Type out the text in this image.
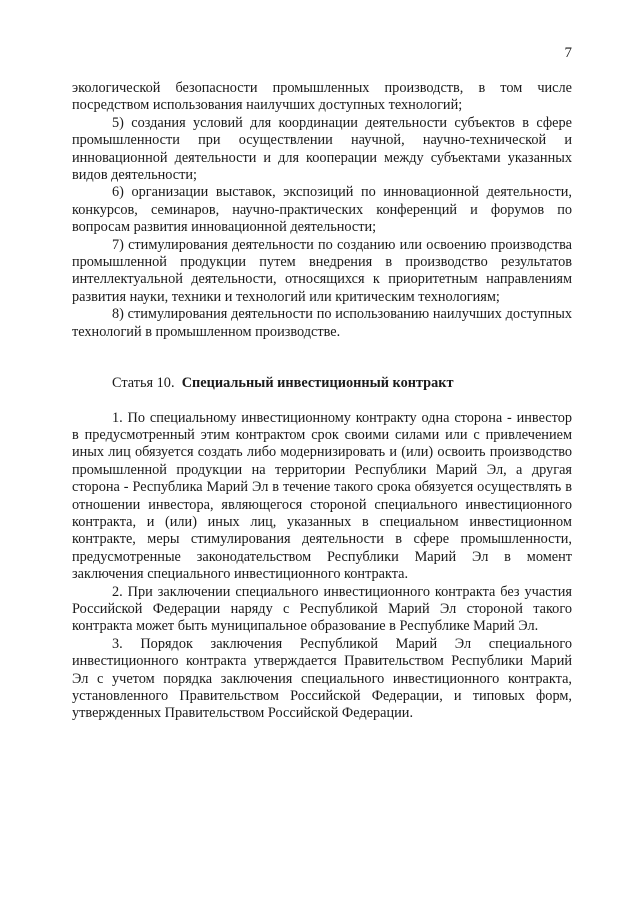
7

экологической безопасности промышленных производств, в том числе посредством использования наилучших доступных технологий;

5) создания условий для координации деятельности субъектов в сфере промышленности при осуществлении научной, научно-технической и инновационной деятельности и для кооперации между субъектами указанных видов деятельности;

6) организации выставок, экспозиций по инновационной деятельности, конкурсов, семинаров, научно-практических конференций и форумов по вопросам развития инновационной деятельности;

7) стимулирования деятельности по созданию или освоению производства промышленной продукции путем внедрения в производство результатов интеллектуальной деятельности, относящихся к приоритетным направлениям развития науки, техники и технологий или критическим технологиям;

8) стимулирования деятельности по использованию наилучших доступных технологий в промышленном производстве.

Статья 10. Специальный инвестиционный контракт

1. По специальному инвестиционному контракту одна сторона - инвестор в предусмотренный этим контрактом срок своими силами или с привлечением иных лиц обязуется создать либо модернизировать и (или) освоить производство промышленной продукции на территории Республики Марий Эл, а другая сторона - Республика Марий Эл в течение такого срока обязуется осуществлять в отношении инвестора, являющегося стороной специального инвестиционного контракта, и (или) иных лиц, указанных в специальном инвестиционном контракте, меры стимулирования деятельности в сфере промышленности, предусмотренные законодательством Республики Марий Эл в момент заключения специального инвестиционного контракта.

2. При заключении специального инвестиционного контракта без участия Российской Федерации наряду с Республикой Марий Эл стороной такого контракта может быть муниципальное образование в Республике Марий Эл.

3. Порядок заключения Республикой Марий Эл специального инвестиционного контракта утверждается Правительством Республики Марий Эл с учетом порядка заключения специального инвестиционного контракта, установленного Правительством Российской Федерации, и типовых форм, утвержденных Правительством Российской Федерации.
